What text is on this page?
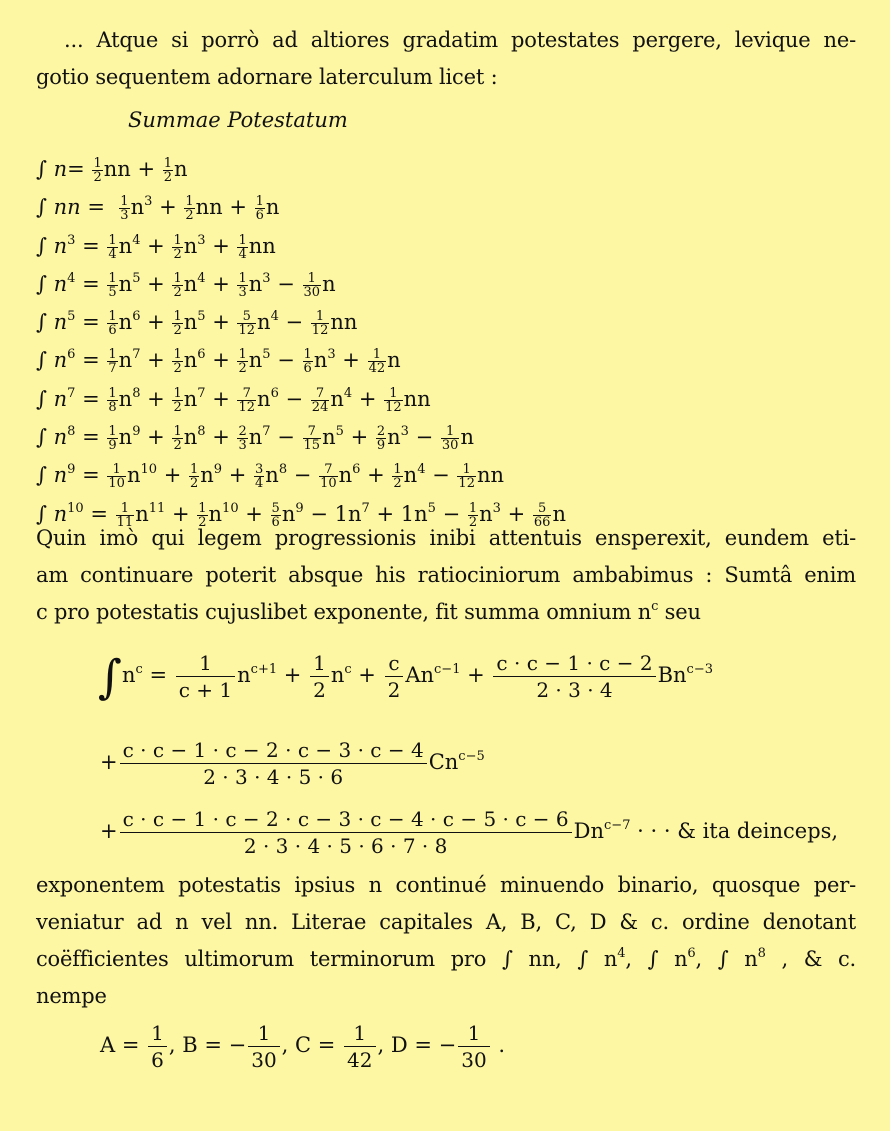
... Atque si porrò ad altiores gradatim potestates pergere, levique ne-
gotio sequentem adornare laterculum licet :
Summae Potestatum
∫ $n= \frac{1}{2}$ nn + $\frac{1}{2}$ n
∫ nn = $\frac{1}{3} n^3 + \frac{1}{2}$ nn + $\frac{1}{6}$ n
∫ $n^3 = \frac{1}{4} n^4 + \frac{1}{2} n^3 + \frac{1}{4}$ nn
∫ $n^4 = \frac{1}{5} n^5 + \frac{1}{2} n^4 + \frac{1}{3} n^3 - \frac{1}{30}$ n
∫ $n^5 = \frac{1}{6} n^6 + \frac{1}{2} n^5 + \frac{5}{12} n^4 - \frac{1}{12}$ nn
∫ $n^6 = \frac{1}{7} n^7 + \frac{1}{2} n^6 + \frac{1}{2} n^5 - \frac{1}{6} n^3 + \frac{1}{42}$ n
∫ $n^7 = \frac{1}{8} n^8 + \frac{1}{2} n^7 + \frac{7}{12} n^6 - \frac{7}{24} n^4 + \frac{1}{12}$ nn
∫ $n^8 = \frac{1}{9} n^9 + \frac{1}{2} n^8 + \frac{2}{3} n^7 - \frac{7}{15} n^5 + \frac{2}{9} n^3 - \frac{1}{30}$ n
∫ $n^9 = \frac{1}{10} n^{10} + \frac{1}{2} n^9 + \frac{3}{4} n^8 - \frac{7}{10} n^6 + \frac{1}{2} n^4 - \frac{1}{12}$ nn
∫ $n^{10} = \frac{1}{11} n^{11} + \frac{1}{2} n^{10} + \frac{5}{6} n^9 - 1n^7 + 1n^5 - \frac{1}{2} n^3 + \frac{5}{66}$ n
Quin imò qui legem progressionis inibi attentuis ensperexit, eundem eti-
am continuare poterit absque his ratiociniorum ambabimus : Sumtâ enim
c pro potestatis cujuslibet exponente, fit summa omnium $n^c$ seu
$\int n^c = \frac{1}{c + 1} n^{c+1} + \frac{1}{2} n^c + \frac{c}{2} An^{c-1} + \frac{c \cdot c - 1 \cdot c - 2}{2 \cdot 3 \cdot 4} Bn^{c-3}$
+ $\frac{c \cdot c - 1 \cdot c - 2 \cdot c - 3 \cdot c - 4}{2 \cdot 3 \cdot 4 \cdot 5 \cdot 6} Cn^{c-5}$
+ $\frac{c \cdot c - 1 \cdot c - 2 \cdot c - 3 \cdot c - 4 \cdot c - 5 \cdot c - 6}{2 \cdot 3 \cdot 4 \cdot 5 \cdot 6 \cdot 7 \cdot 8} Dn^{c-7}$ · · · & ita deinceps,
exponentem potestatis ipsius n continué minuendo binario, quosque per-
veniatur ad n vel nn. Literae capitales A, B, C, D & c. ordine denotant
coëfficientes ultimorum terminorum pro ∫ nn, ∫ $n^4$, ∫ $n^6$, ∫ $n^8$ , & c.
nempe
$A = \frac{1}{6}$ , B = − $\frac{1}{30}$ , $C = \frac{1}{42}$ , D = − $\frac{1}{30}$ .
